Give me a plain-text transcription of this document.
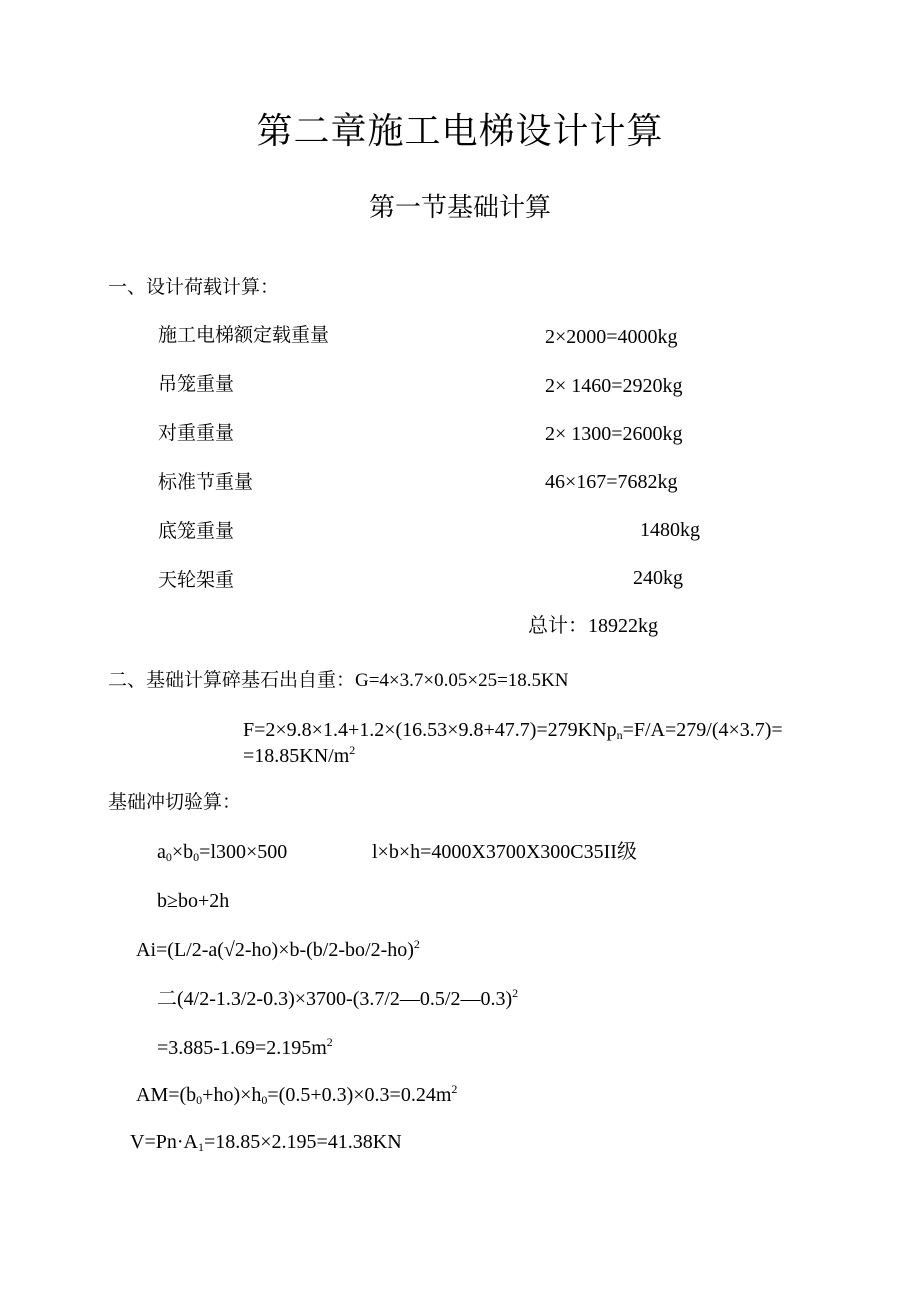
第二章施工电梯设计计算
第一节基础计算
一、设计荷载计算：
施工电梯额定载重量	2×2000=4000kg
吊笼重量	2× 1460=2920kg
对重重量	2× 1300=2600kg
标准节重量	46×167=7682kg
底笼重量	1480kg
天轮架重	240kg
总计：18922kg
二、基础计算碎基石出自重：G=4×3.7×0.05×25=18.5KN
F=2×9.8×1.4+1.2×(16.53×9.8+47.7)=279KNp$_n$=F/A=279/(4×3.7)=
$=18.85KN/m^2$
基础冲切验算：
$a_0\times b_0=l300\times 500$	l×b×h=4000X3700X300C35II级
b≥bo+2h
$Ai=(L/2-a(√2-ho)\times b-(b/2-bo/2-ho)^2$
二(4/2-1.3/2-0.3)×3700-(3.7/2—0.5/2—0.3)$^2$
$=3.885-1.69=2.195m^2$
$AM=(b_0+ho)\times h_0=(0.5+0.3)\times 0.3=0.24m^2$
$V=Pn\cdot A_1=18.85\times 2.195=41.38KN$
